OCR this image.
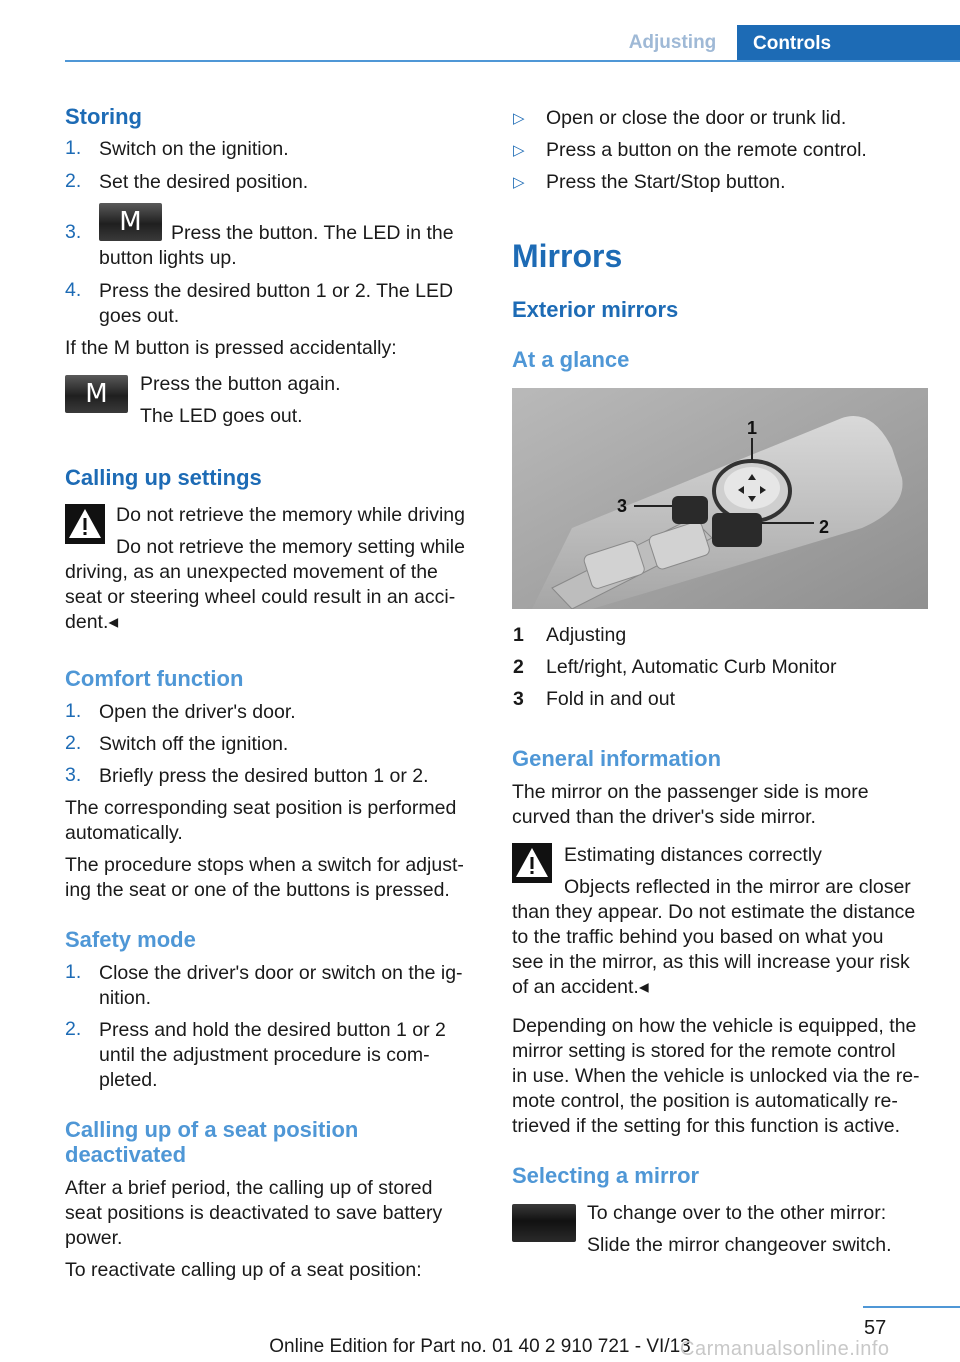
Adjusting	Controls
Storing
1. Switch on the ignition.
2. Set the desired position.
3.	M	Press the button. The LED in the
button lights up.
4. Press the desired button 1 or 2. The LED
goes out.
If the M button is pressed accidentally:
M	Press the button again.
The LED goes out.
Calling up settings
Do not retrieve the memory while driving
Do not retrieve the memory setting while
driving, as an unexpected movement of the
seat or steering wheel could result in an acci-
dent.◂
Comfort function
1. Open the driver's door.
2. Switch off the ignition.
3. Briefly press the desired button 1 or 2.
The corresponding seat position is performed
automatically.
The procedure stops when a switch for adjust-
ing the seat or one of the buttons is pressed.
Safety mode
1. Close the driver's door or switch on the ig-
nition.
2. Press and hold the desired button 1 or 2
until the adjustment procedure is com-
pleted.
Calling up of a seat position
deactivated
After a brief period, the calling up of stored
seat positions is deactivated to save battery
power.
To reactivate calling up of a seat position:
▷ Open or close the door or trunk lid.
▷ Press a button on the remote control.
▷ Press the Start/Stop button.
Mirrors
Exterior mirrors
At a glance
1
2
3
1 Adjusting
2 Left/right, Automatic Curb Monitor
3 Fold in and out
General information
The mirror on the passenger side is more
curved than the driver's side mirror.
Estimating distances correctly
Objects reflected in the mirror are closer
than they appear. Do not estimate the distance
to the traffic behind you based on what you
see in the mirror, as this will increase your risk
of an accident.◂
Depending on how the vehicle is equipped, the
mirror setting is stored for the remote control
in use. When the vehicle is unlocked via the re-
mote control, the position is automatically re-
trieved if the setting for this function is active.
Selecting a mirror
To change over to the other mirror:
Slide the mirror changeover switch.
57
Online Edition for Part no. 01 40 2 910 721 - VI/13
Carmanualsonline.info
